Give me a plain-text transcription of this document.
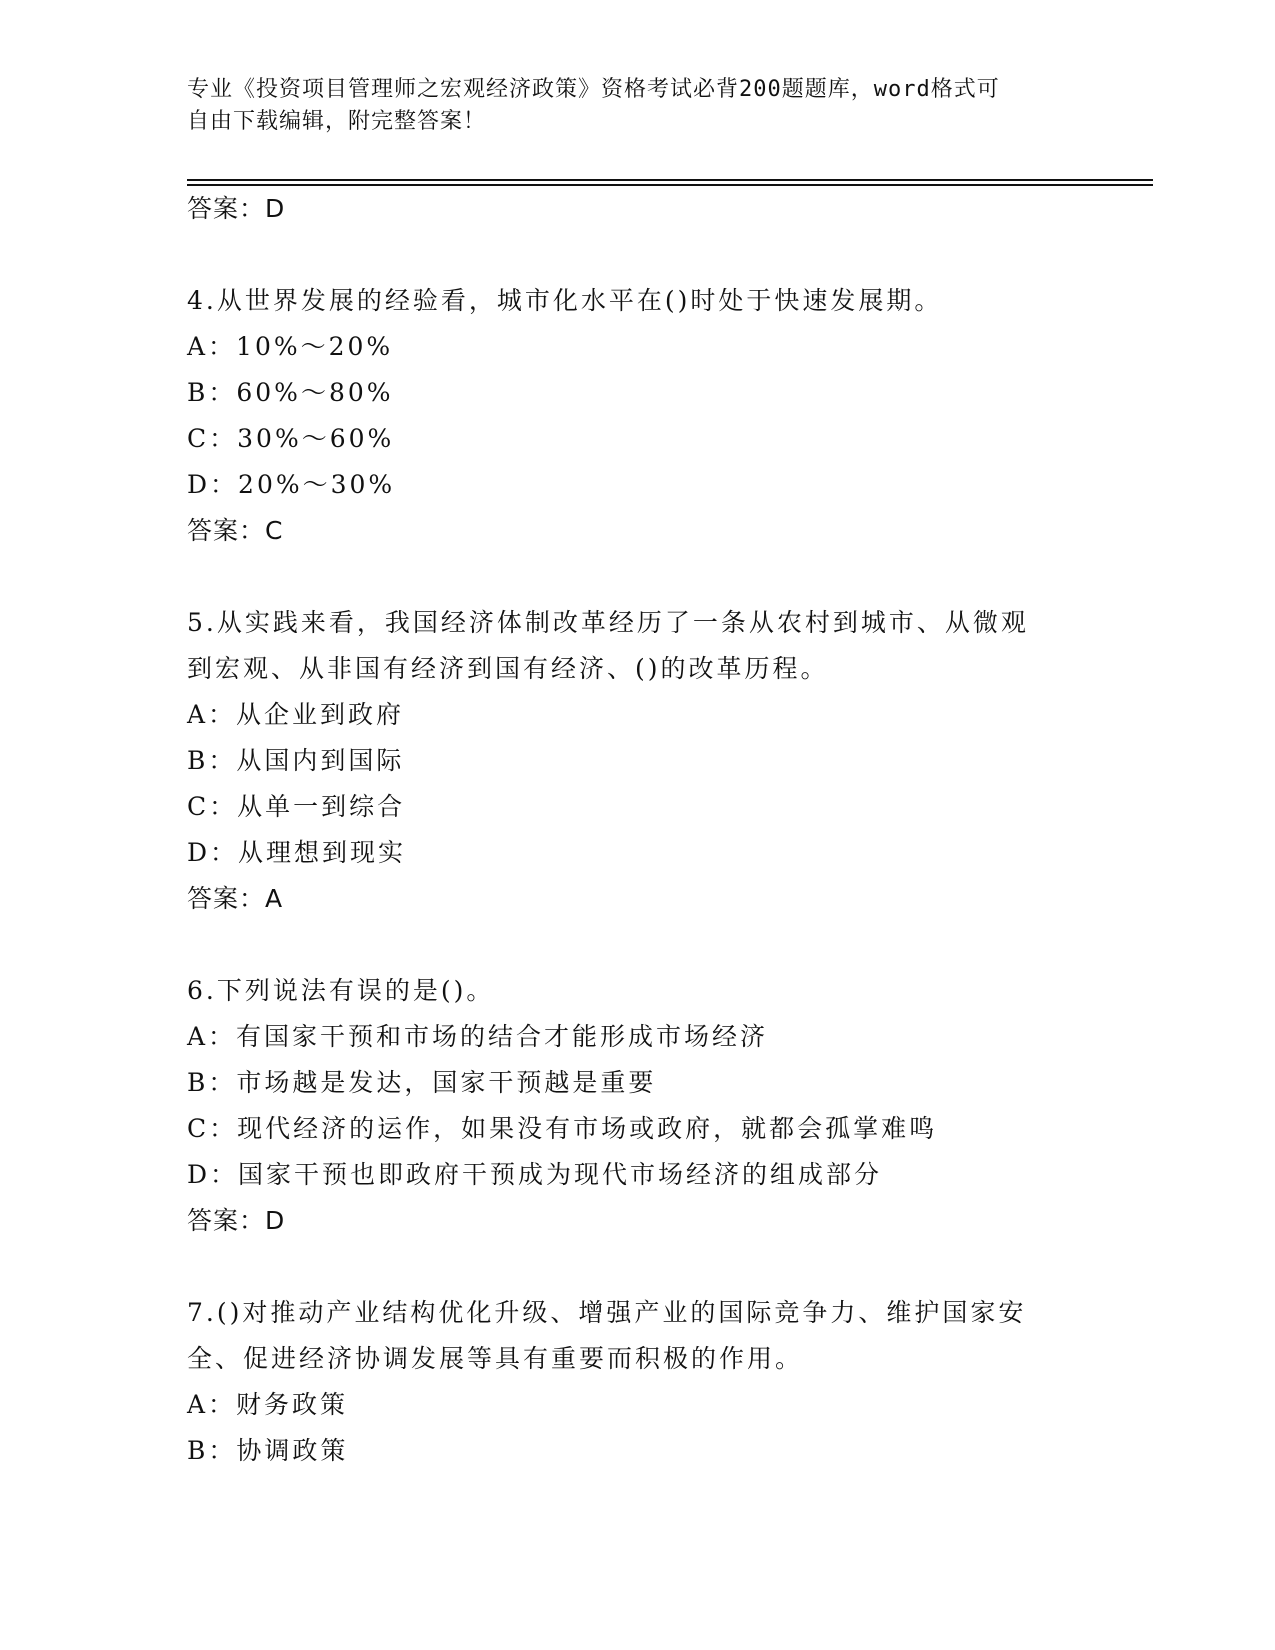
专业《投资项目管理师之宏观经济政策》资格考试必背200题题库，word格式可
自由下载编辑，附完整答案！
答案：D
4.从世界发展的经验看，城市化水平在()时处于快速发展期。
A：10%～20%
B：60%～80%
C：30%～60%
D：20%～30%
答案：C
5.从实践来看，我国经济体制改革经历了一条从农村到城市、从微观
到宏观、从非国有经济到国有经济、()的改革历程。
A：从企业到政府
B：从国内到国际
C：从单一到综合
D：从理想到现实
答案：A
6.下列说法有误的是()。
A：有国家干预和市场的结合才能形成市场经济
B：市场越是发达，国家干预越是重要
C：现代经济的运作，如果没有市场或政府，就都会孤掌难鸣
D：国家干预也即政府干预成为现代市场经济的组成部分
答案：D
7.()对推动产业结构优化升级、增强产业的国际竞争力、维护国家安
全、促进经济协调发展等具有重要而积极的作用。
A：财务政策
B：协调政策
